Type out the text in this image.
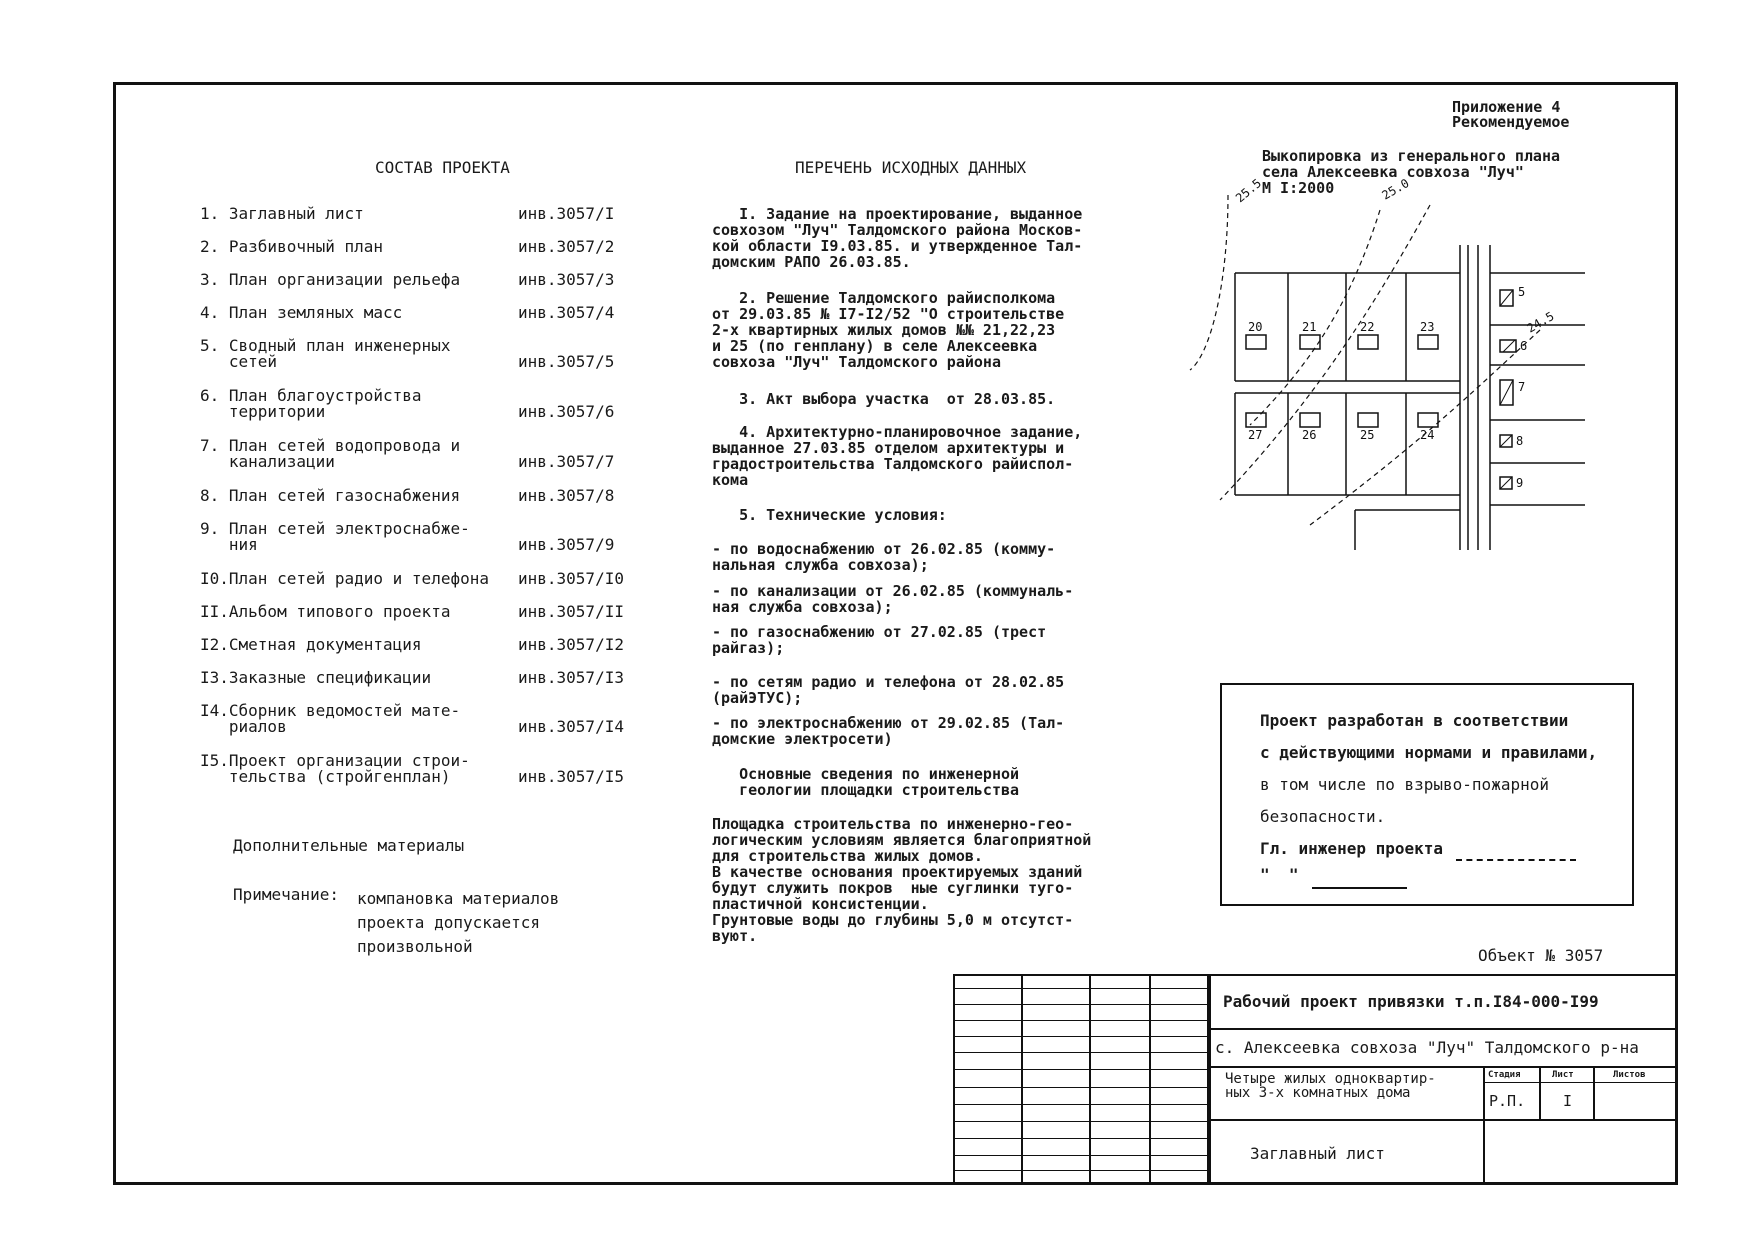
Приложение 4
Рекомендуемое
СОСТАВ ПРОЕКТА
1. Заглавный лист	инв.3057/I
2. Разбивочный план	инв.3057/2
3. План организации рельефа	инв.3057/3
4. План земляных масс	инв.3057/4
5. Сводный план инженерных
сетей	инв.3057/5
6. План благоустройства
территории	инв.3057/6
7. План сетей водопровода и
канализации	инв.3057/7
8. План сетей газоснабжения	инв.3057/8
9. План сетей электроснабже-
ния	инв.3057/9
I0.План сетей радио и телефона инв.3057/I0
II.Альбом типового проекта	инв.3057/II
I2.Сметная документация	инв.3057/I2
I3.Заказные спецификации	инв.3057/I3
I4.Сборник ведомостей мате-
риалов	инв.3057/I4
I5.Проект организации строи-
тельства (стройгенплан)	инв.3057/I5
Дополнительные материалы
Примечание: компановка материалов
проекта допускается
произвольной
ПЕРЕЧЕНЬ ИСХОДНЫХ ДАННЫХ
I. Задание на проектирование, выданное
совхозом "Луч" Талдомского района Москов-
кой области I9.03.85. и утвержденное Тал-
домским РАПО 26.03.85.
2. Решение Талдомского райисполкома
от 29.03.85 № I7-I2/52 "О строительстве
2-х квартирных жилых домов №№ 21,22,23
и 25 (по генплану) в селе Алексеевка
совхоза "Луч" Талдомского района
3. Акт выбора участка  от 28.03.85.
4. Архитектурно-планировочное задание,
выданное 27.03.85 отделом архитектуры и
градостроительства Талдомского райиспол-
кома
5. Технические условия:
- по водоснабжению от 26.02.85 (комму-
нальная служба совхоза);
- по канализации от 26.02.85 (коммуналь-
ная служба совхоза);
- по газоснабжению от 27.02.85 (трест
райгаз);
- по сетям радио и телефона от 28.02.85
(райЭТУС);
- по электроснабжению от 29.02.85 (Тал-
домские электросети)
Основные сведения по инженерной
геологии площадки строительства
Площадка строительства по инженерно-гео-
логическим условиям является благоприятной
для строительства жилых домов.
В качестве основания проектируемых зданий
будут служить покров  ные суглинки туго-
пластичной консистенции.
Грунтовые воды до глубины 5,0 м отсутст-
вуют.
Выкопировка из генерального плана
села Алексеевка совхоза "Луч"
М I:2000
25.5	25.0
24.5
20	21	22	23
27	26	25	24
5
6
7
8
9
Проект разработан в соответствии
с действующими нормами и правилами,
в том числе по взрыво-пожарной
безопасности.
Гл. инженер проекта
"  "
Объект № 3057
Рабочий проект привязки т.п.I84-000-I99
с. Алексеевка совхоза "Луч" Талдомского р-на
Четыре жилых одноквартир-
ных 3-х комнатных дома
Стадия	Лист	Листов
Р.П.	I
Заглавный лист
